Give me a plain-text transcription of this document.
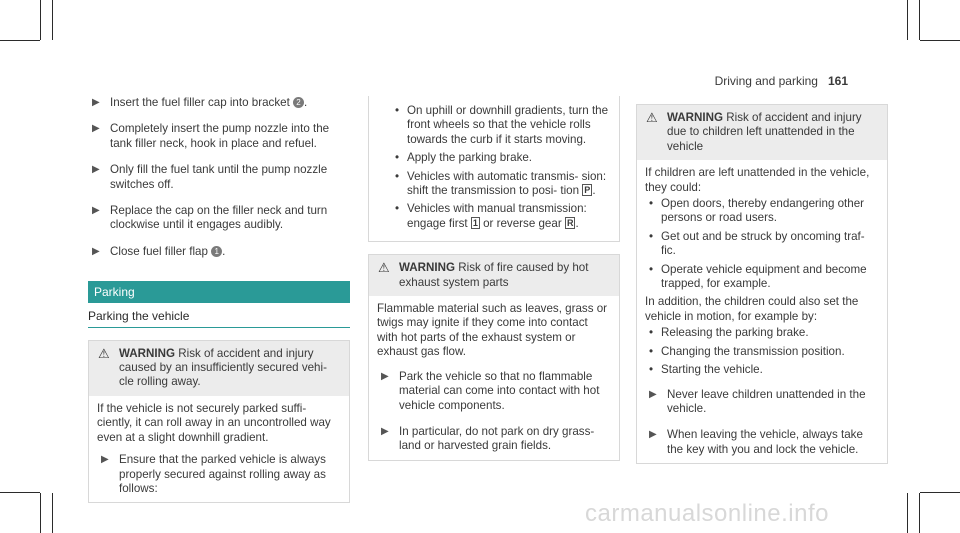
Driving and parking 161
▶ Insert the fuel filler cap into bracket 2 .
▶ Completely insert the pump nozzle into the tank filler neck, hook in place and refuel.
▶ Only fill the fuel tank until the pump nozzle switches off.
▶ Replace the cap on the filler neck and turn clockwise until it engages audibly.
▶ Close fuel filler flap 1 .
Parking
Parking the vehicle
⚠ WARNING Risk of accident and injury caused by an insufficiently secured vehi- cle rolling away.
If the vehicle is not securely parked suffi- ciently, it can roll away in an uncontrolled way even at a slight downhill gradient.
▶ Ensure that the parked vehicle is always properly secured against rolling away as follows:
• On uphill or downhill gradients, turn the front wheels so that the vehicle rolls towards the curb if it starts moving.
• Apply the parking brake.
• Vehicles with automatic transmis- sion: shift the transmission to posi- tion P .
• Vehicles with manual transmission: engage first 1 or reverse gear R .
⚠ WARNING Risk of fire caused by hot exhaust system parts
Flammable material such as leaves, grass or twigs may ignite if they come into contact with hot parts of the exhaust system or exhaust gas flow.
▶ Park the vehicle so that no flammable material can come into contact with hot vehicle components.
▶ In particular, do not park on dry grass- land or harvested grain fields.
⚠ WARNING Risk of accident and injury due to children left unattended in the vehicle
If children are left unattended in the vehicle, they could:
• Open doors, thereby endangering other persons or road users.
• Get out and be struck by oncoming traf- fic.
• Operate vehicle equipment and become trapped, for example.
In addition, the children could also set the vehicle in motion, for example by:
• Releasing the parking brake.
• Changing the transmission position.
• Starting the vehicle.
▶ Never leave children unattended in the vehicle.
▶ When leaving the vehicle, always take the key with you and lock the vehicle.
carmanualsonline.info
